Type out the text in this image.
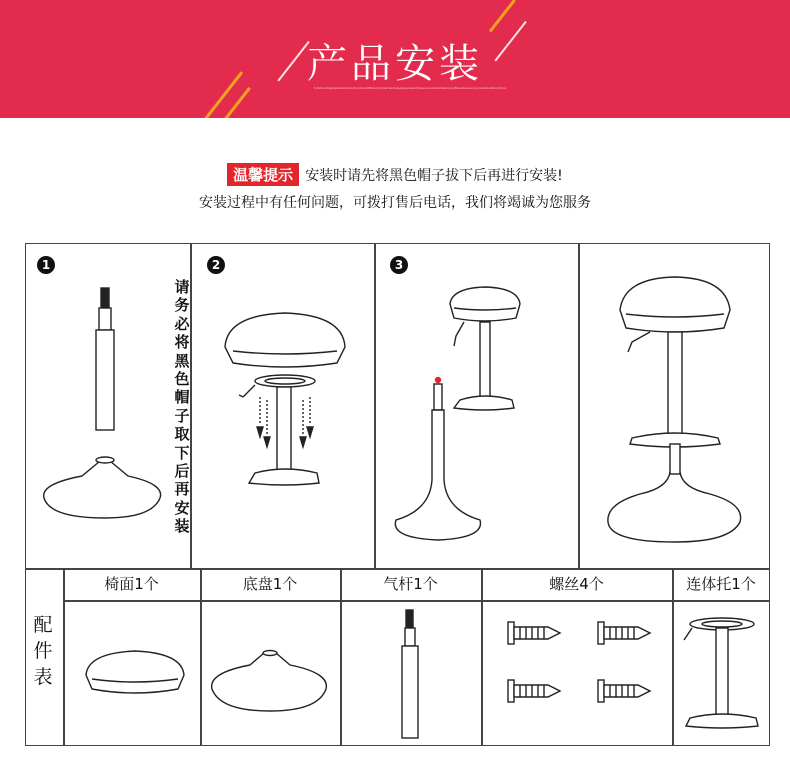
产品安装
fullstandingdesksbarstoolsfurnitureliftchairmodernsimpledesignqualityassurancefastdeliveryaftersalesservice barstoolsfurniture
温馨提示 安装时请先将黑色帽子拔下后再进行安装!
安装过程中有任何问题，可拨打售后电话，我们将竭诚为您服务
1	2	3
请务必将黑色帽子取下后再安装
配件表
椅面1个	底盘1个	气杆1个	螺丝4个	连体托1个
